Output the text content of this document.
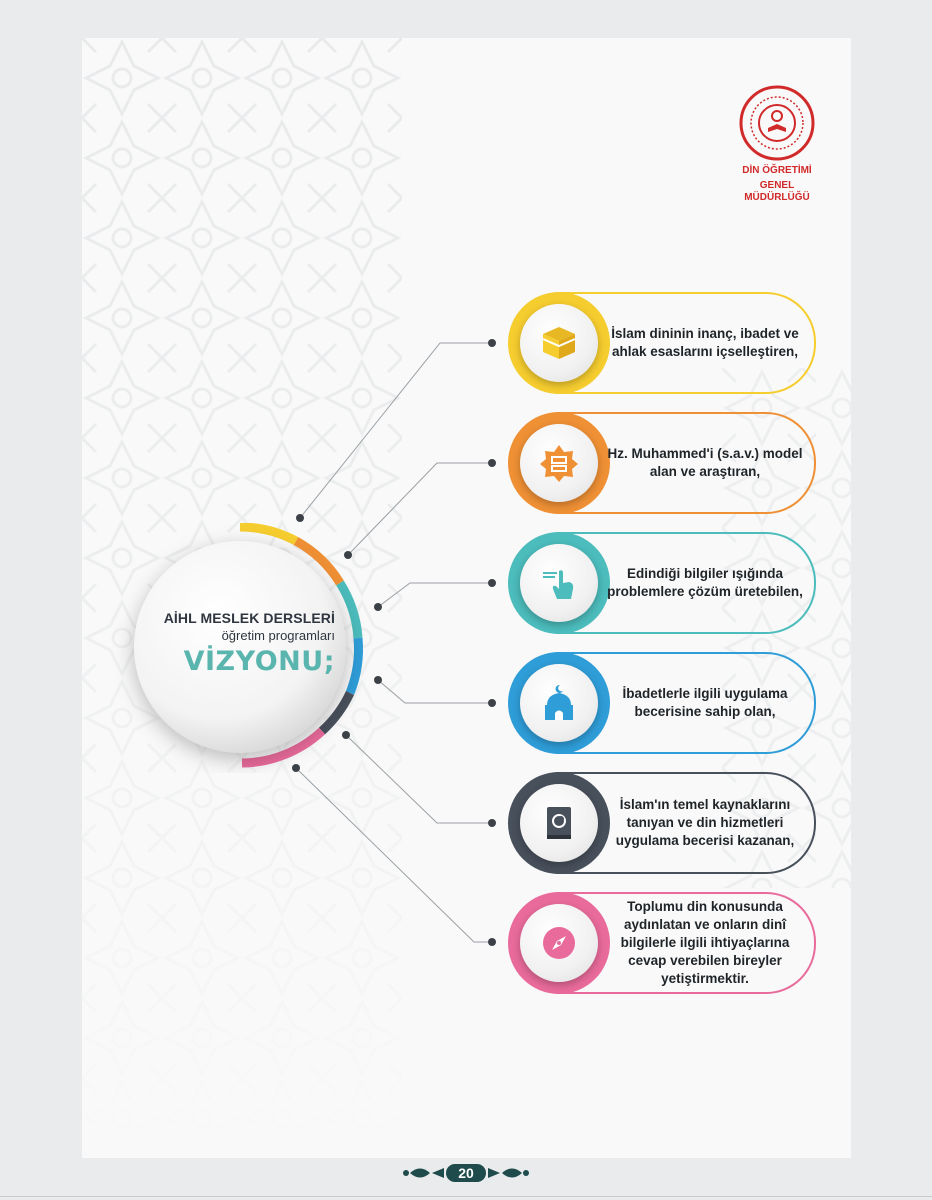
DİN ÖĞRETİMİ
GENEL MÜDÜRLÜĞÜ
AİHL MESLEK DERSLERİ
öğretim programları
VİZYONU;
İslam dininin inanç, ibadet ve ahlak esaslarını içselleştiren,
Hz. Muhammed'i (s.a.v.) model alan ve araştıran,
Edindiği bilgiler ışığında problemlere çözüm üretebilen,
İbadetlerle ilgili uygulama becerisine sahip olan,
İslam'ın temel kaynaklarını tanıyan ve din hizmetleri uygulama becerisi kazanan,
Toplumu din konusunda aydınlatan ve onların dinî bilgilerle ilgili ihtiyaçlarına cevap verebilen bireyler yetiştirmektir.
20
